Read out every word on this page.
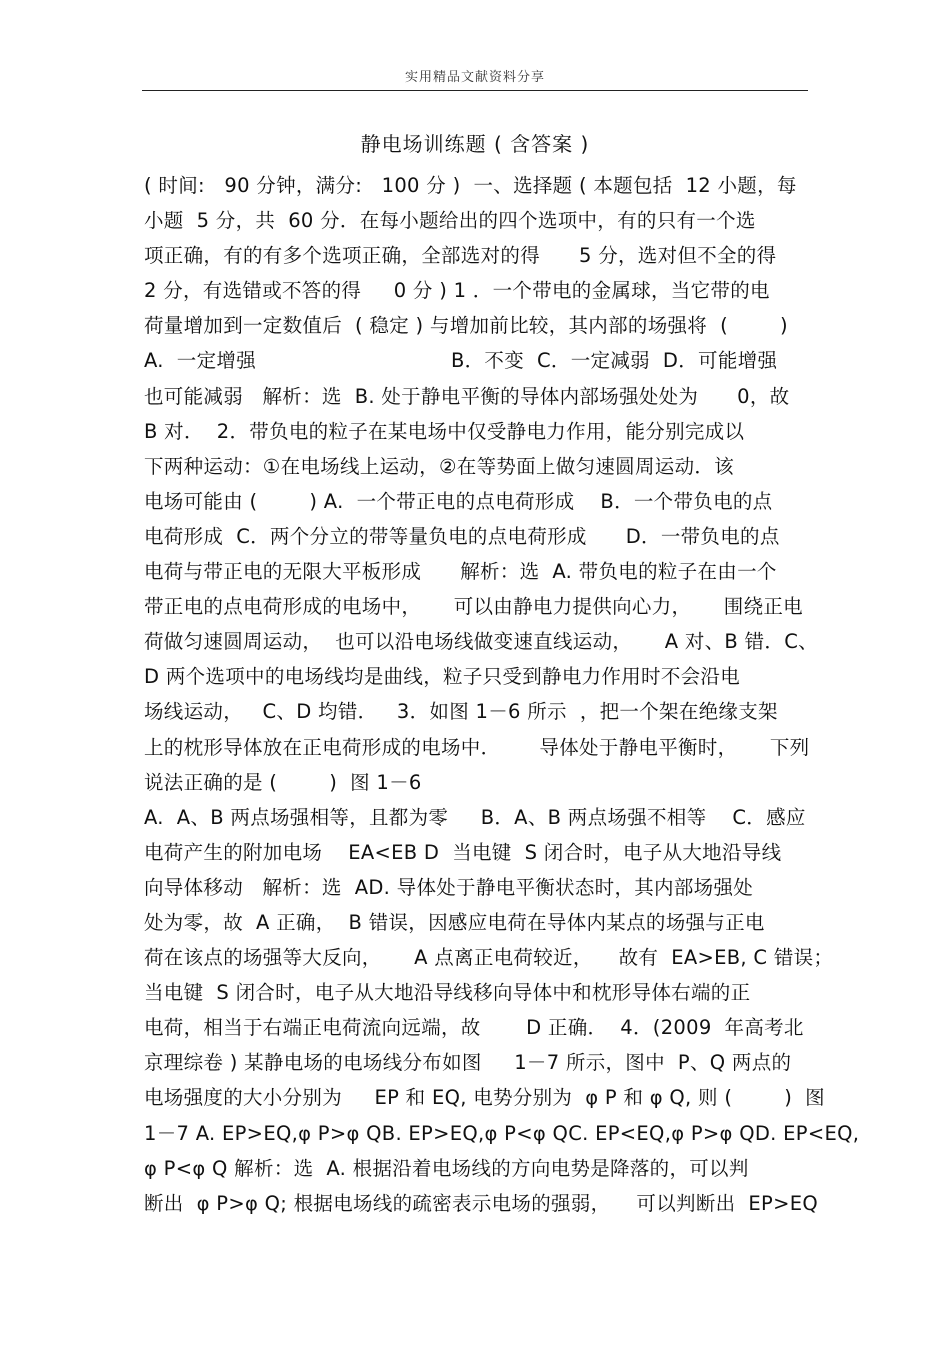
实用精品文献资料分享
静电场训练题 ( 含答案 )
( 时间:   90 分钟，满分:   100 分 )  一、选择题 ( 本题包括  12 小题，每
小题  5 分，共  60 分．在每小题给出的四个选项中，有的只有一个选
项正确，有的有多个选项正确，全部选对的得      5 分，选对但不全的得
2 分，有选错或不答的得     0 分 ) 1 ．一个带电的金属球，当它带的电
荷量增加到一定数值后  ( 稳定 ) 与增加前比较，其内部的场强将  (        )
A.  一定增强                              B．不变  C．一定减弱  D．可能增强
也可能减弱   解析：选  B. 处于静电平衡的导体内部场强处处为      0，故
B 对．  2．带负电的粒子在某电场中仅受静电力作用，能分别完成以
下两种运动：①在电场线上运动，②在等势面上做匀速圆周运动．该
电场可能由 (        ) A.  一个带正电的点电荷形成    B．一个带负电的点
电荷形成  C．两个分立的带等量负电的点电荷形成      D．一带负电的点
电荷与带正电的无限大平板形成      解析：选  A. 带负电的粒子在由一个
带正电的点电荷形成的电场中，     可以由静电力提供向心力，     围绕正电
荷做匀速圆周运动，  也可以沿电场线做变速直线运动，     A 对、B 错．C、
D 两个选项中的电场线均是曲线，粒子只受到静电力作用时不会沿电
场线运动，   C、D 均错．   3．如图 1－6 所示  ，把一个架在绝缘支架
上的枕形导体放在正电荷形成的电场中．      导体处于静电平衡时，     下列
说法正确的是 (        )  图 1－6
A.  A、B 两点场强相等，且都为零     B．A、B 两点场强不相等    C．感应
电荷产生的附加电场    EA<EB D  当电键  S 闭合时，电子从大地沿导线
向导体移动   解析：选  AD. 导体处于静电平衡状态时，其内部场强处
处为零，故  A 正确，  B 错误，因感应电荷在导体内某点的场强与正电
荷在该点的场强等大反向，     A 点离正电荷较近，    故有  EA>EB, C 错误；
当电键  S 闭合时，电子从大地沿导线移向导体中和枕形导体右端的正
电荷，相当于右端正电荷流向远端，故       D 正确．  4．(2009  年高考北
京理综卷 ) 某静电场的电场线分布如图     1－7 所示，图中  P、Q 两点的
电场强度的大小分别为     EP 和 EQ, 电势分别为  φ P 和 φ Q, 则 (        )  图
1－7 A. EP>EQ,φ P>φ QB. EP>EQ,φ P<φ QC. EP<EQ,φ P>φ QD. EP<EQ,
φ P<φ Q 解析：选  A. 根据沿着电场线的方向电势是降落的，可以判
断出  φ P>φ Q; 根据电场线的疏密表示电场的强弱，    可以判断出  EP>EQ
